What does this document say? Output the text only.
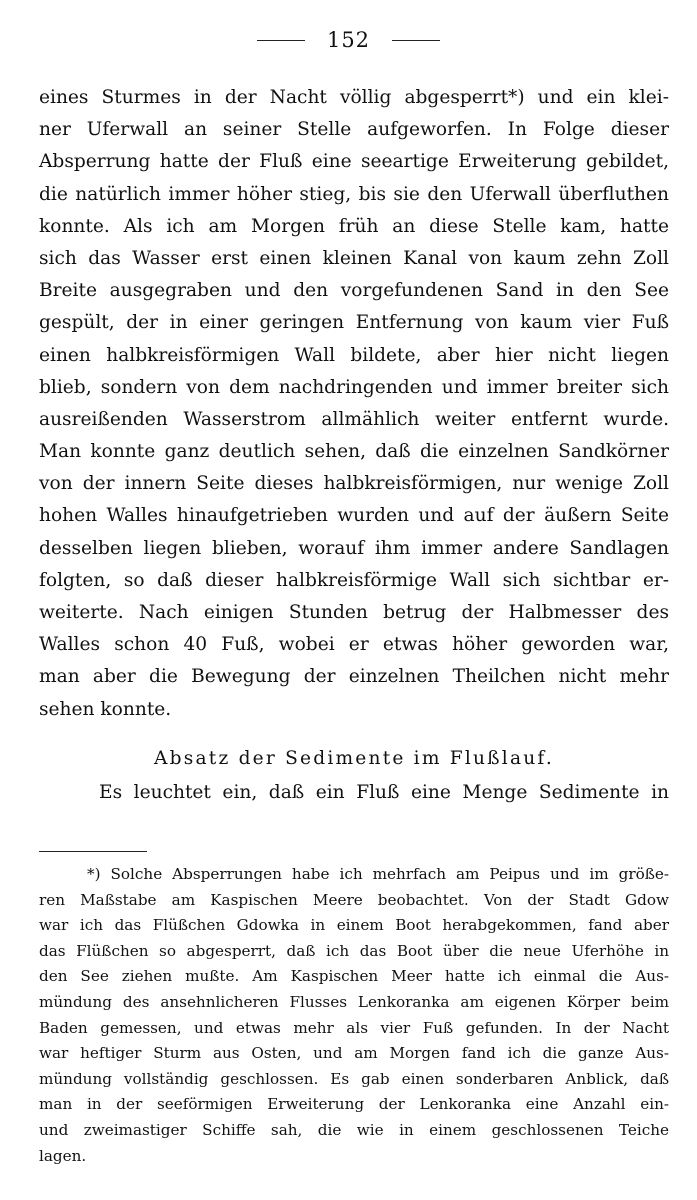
152
eines Sturmes in der Nacht völlig abgesperrt*) und ein klei-
ner Uferwall an seiner Stelle aufgeworfen. In Folge dieser
Absperrung hatte der Fluß eine seeartige Erweiterung gebildet,
die natürlich immer höher stieg, bis sie den Uferwall überfluthen
konnte. Als ich am Morgen früh an diese Stelle kam, hatte
sich das Wasser erst einen kleinen Kanal von kaum zehn Zoll
Breite ausgegraben und den vorgefundenen Sand in den See
gespült, der in einer geringen Entfernung von kaum vier Fuß
einen halbkreisförmigen Wall bildete, aber hier nicht liegen
blieb, sondern von dem nachdringenden und immer breiter sich
ausreißenden Wasserstrom allmählich weiter entfernt wurde.
Man konnte ganz deutlich sehen, daß die einzelnen Sandkörner
von der innern Seite dieses halbkreisförmigen, nur wenige Zoll
hohen Walles hinaufgetrieben wurden und auf der äußern Seite
desselben liegen blieben, worauf ihm immer andere Sandlagen
folgten, so daß dieser halbkreisförmige Wall sich sichtbar er-
weiterte. Nach einigen Stunden betrug der Halbmesser des
Walles schon 40 Fuß, wobei er etwas höher geworden war,
man aber die Bewegung der einzelnen Theilchen nicht mehr
sehen konnte.
Absatz der Sedimente im Flußlauf.
Es leuchtet ein, daß ein Fluß eine Menge Sedimente in
*) Solche Absperrungen habe ich mehrfach am Peipus und im größe-
ren Maßstabe am Kaspischen Meere beobachtet. Von der Stadt Gdow
war ich das Flüßchen Gdowka in einem Boot herabgekommen, fand aber
das Flüßchen so abgesperrt, daß ich das Boot über die neue Uferhöhe in
den See ziehen mußte. Am Kaspischen Meer hatte ich einmal die Aus-
mündung des ansehnlicheren Flusses Lenkoranka am eigenen Körper beim
Baden gemessen, und etwas mehr als vier Fuß gefunden. In der Nacht
war heftiger Sturm aus Osten, und am Morgen fand ich die ganze Aus-
mündung vollständig geschlossen. Es gab einen sonderbaren Anblick, daß
man in der seeförmigen Erweiterung der Lenkoranka eine Anzahl ein-
und zweimastiger Schiffe sah, die wie in einem geschlossenen Teiche
lagen.
